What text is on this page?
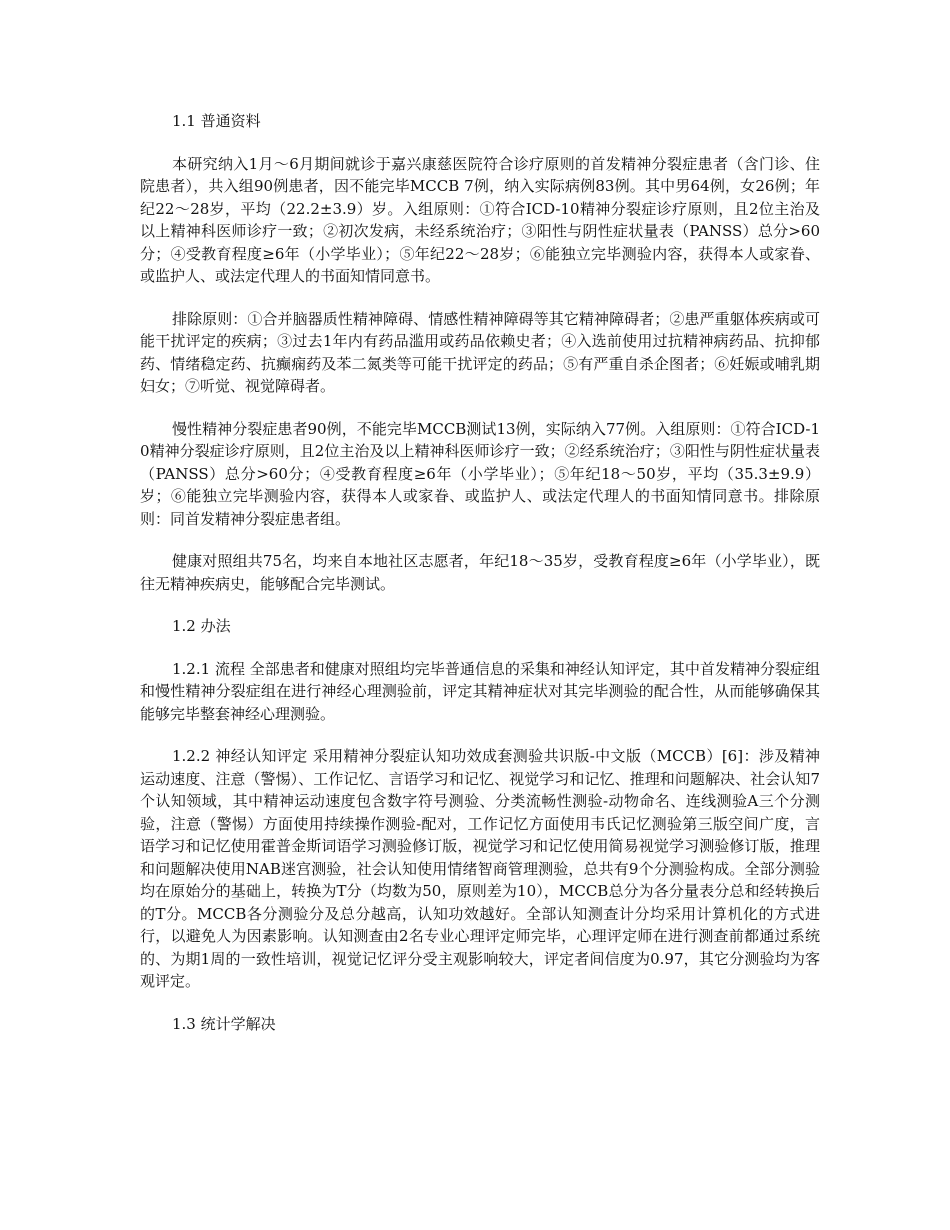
1.1 普通资料

本研究纳入1月～6月期间就诊于嘉兴康慈医院符合诊疗原则的首发精神分裂症患者（含门诊、住院患者），共入组90例患者，因不能完毕MCCB 7例，纳入实际病例83例。其中男64例，女26例；年纪22～28岁，平均（22.2±3.9）岁。入组原则：①符合ICD-10精神分裂症诊疗原则，且2位主治及以上精神科医师诊疗一致；②初次发病，未经系统治疗；③阳性与阴性症状量表（PANSS）总分>60分；④受教育程度≥6年（小学毕业）；⑤年纪22～28岁；⑥能独立完毕测验内容，获得本人或家眷、或监护人、或法定代理人的书面知情同意书。

排除原则：①合并脑器质性精神障碍、情感性精神障碍等其它精神障碍者；②患严重躯体疾病或可能干扰评定的疾病；③过去1年内有药品滥用或药品依赖史者；④入选前使用过抗精神病药品、抗抑郁药、情绪稳定药、抗癫痫药及苯二氮类等可能干扰评定的药品；⑤有严重自杀企图者；⑥妊娠或哺乳期妇女；⑦听觉、视觉障碍者。

慢性精神分裂症患者90例，不能完毕MCCB测试13例，实际纳入77例。入组原则：①符合ICD-10精神分裂症诊疗原则，且2位主治及以上精神科医师诊疗一致；②经系统治疗；③阳性与阴性症状量表（PANSS）总分>60分；④受教育程度≥6年（小学毕业）；⑤年纪18～50岁，平均（35.3±9.9）岁；⑥能独立完毕测验内容，获得本人或家眷、或监护人、或法定代理人的书面知情同意书。排除原则：同首发精神分裂症患者组。

健康对照组共75名，均来自本地社区志愿者，年纪18～35岁，受教育程度≥6年（小学毕业），既往无精神疾病史，能够配合完毕测试。

1.2 办法

1.2.1 流程 全部患者和健康对照组均完毕普通信息的采集和神经认知评定，其中首发精神分裂症组和慢性精神分裂症组在进行神经心理测验前，评定其精神症状对其完毕测验的配合性，从而能够确保其能够完毕整套神经心理测验。

1.2.2 神经认知评定 采用精神分裂症认知功效成套测验共识版-中文版（MCCB）[6]：涉及精神运动速度、注意（警惕）、工作记忆、言语学习和记忆、视觉学习和记忆、推理和问题解决、社会认知7个认知领域，其中精神运动速度包含数字符号测验、分类流畅性测验-动物命名、连线测验A三个分测验，注意（警惕）方面使用持续操作测验-配对，工作记忆方面使用韦氏记忆测验第三版空间广度，言语学习和记忆使用霍普金斯词语学习测验修订版，视觉学习和记忆使用简易视觉学习测验修订版，推理和问题解决使用NAB迷宫测验，社会认知使用情绪智商管理测验，总共有9个分测验构成。全部分测验均在原始分的基础上，转换为T分（均数为50，原则差为10），MCCB总分为各分量表分总和经转换后的T分。MCCB各分测验分及总分越高，认知功效越好。全部认知测查计分均采用计算机化的方式进行，以避免人为因素影响。认知测查由2名专业心理评定师完毕，心理评定师在进行测查前都通过系统的、为期1周的一致性培训，视觉记忆评分受主观影响较大，评定者间信度为0.97，其它分测验均为客观评定。

1.3 统计学解决
